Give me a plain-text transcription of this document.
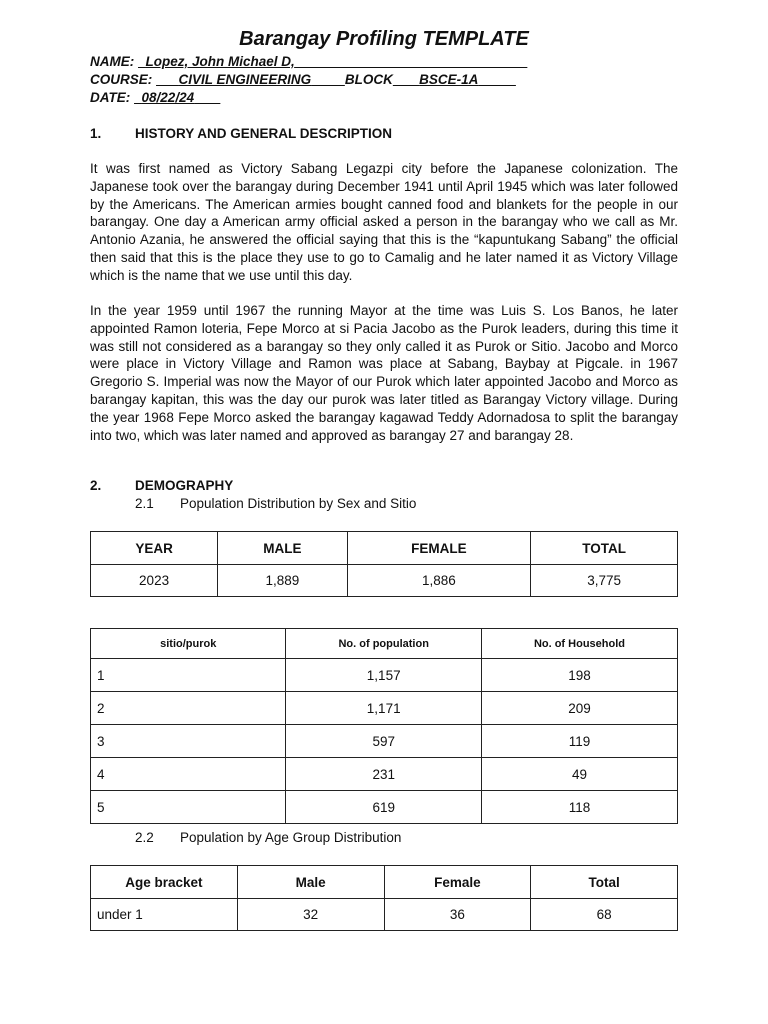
Barangay Profiling TEMPLATE
NAME: Lopez, John Michael D,
COURSE: CIVIL ENGINEERING	BLOCK BSCE-1A
DATE: 08/22/24
1. HISTORY AND GENERAL DESCRIPTION

It was first named as Victory Sabang Legazpi city before the Japanese colonization. The Japanese took over the barangay during December 1941 until April 1945 which was later followed by the Americans. The American armies bought canned food and blankets for the people in our barangay. One day a American army official asked a person in the barangay who we call as Mr. Antonio Azania, he answered the official saying that this is the “kapuntukang Sabang” the official then said that this is the place they use to go to Camalig and he later named it as Victory Village which is the name that we use until this day.

In the year 1959 until 1967 the running Mayor at the time was Luis S. Los Banos, he later appointed Ramon loteria, Fepe Morco at si Pacia Jacobo as the Purok leaders, during this time it was still not considered as a barangay so they only called it as Purok or Sitio. Jacobo and Morco were place in Victory Village and Ramon was place at Sabang, Baybay at Pigcale. in 1967 Gregorio S. Imperial was now the Mayor of our Purok which later appointed Jacobo and Morco as barangay kapitan, this was the day our purok was later titled as Barangay Victory village. During the year 1968 Fepe Morco asked the barangay kagawad Teddy Adornadosa to split the barangay into two, which was later named and approved as barangay 27 and barangay 28.

2. DEMOGRAPHY
2.1 Population Distribution by Sex and Sitio
YEAR	MALE	FEMALE	TOTAL
2023	1,889	1,886	3,775
sitio/purok	No. of population	No. of Household
1	1,157	198
2	1,171	209
3	597	119
4	231	49
5	619	118
2.2 Population by Age Group Distribution
Age bracket	Male	Female	Total
under 1	32	36	68
